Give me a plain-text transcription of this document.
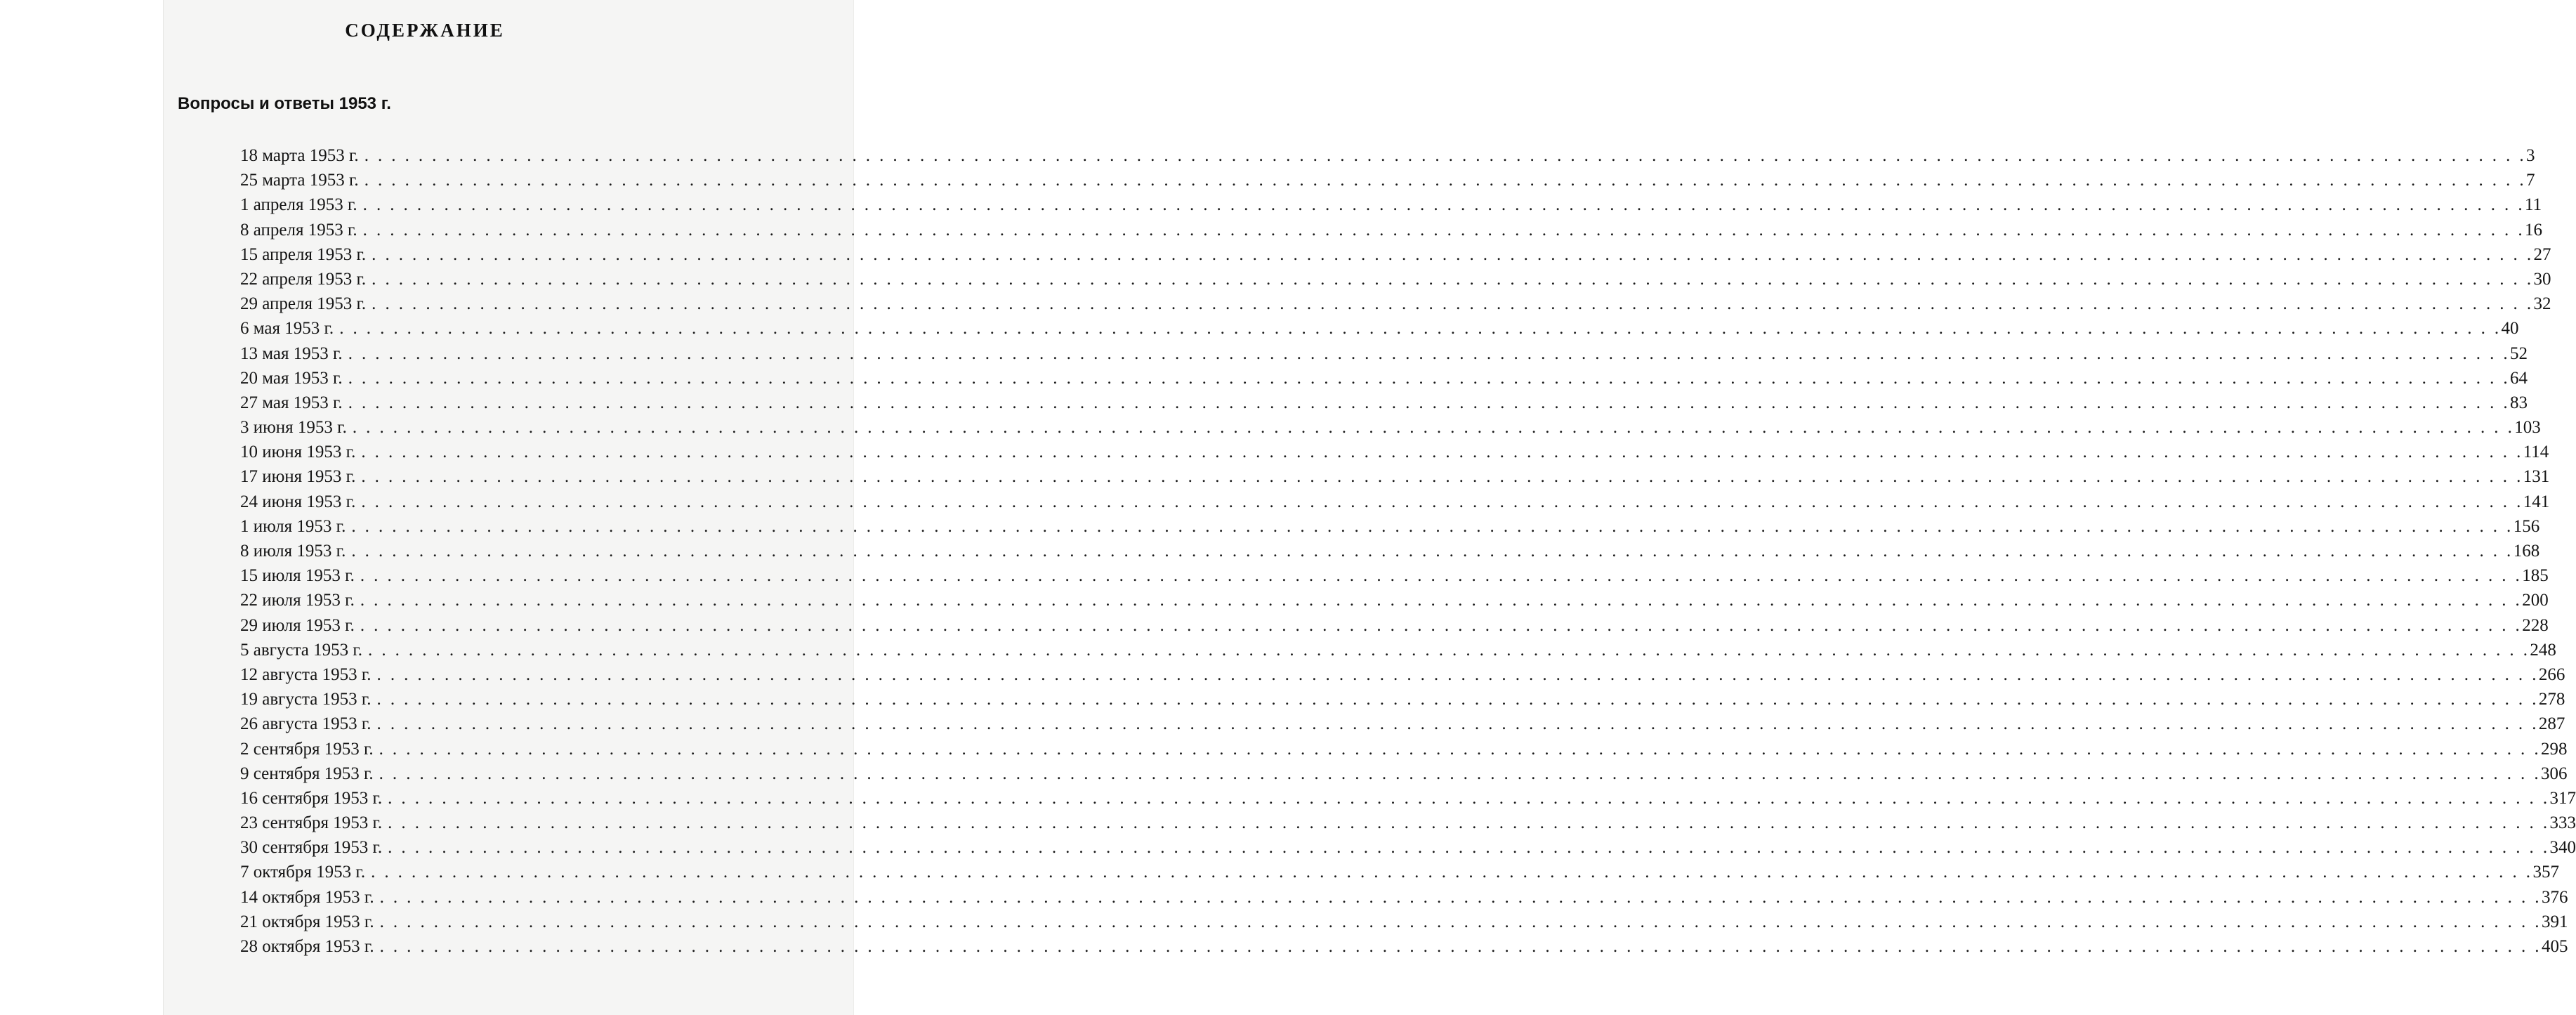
СОДЕРЖАНИЕ
Вопросы и ответы 1953 г.
18 марта 1953 г. . . . . . . . . . . . . . . . . . . . . . . . . . . . . . . . . . . . . . . . . . . . . . . . . . . . . . . . . . . . . . . . . . . . . . . . . . . . . . . . . . . . . . . . . . . . . . . . . . . . . . . . . . . . . . . . . . . . . . . . . . . . . . . . . . . . . . . . . . . . . . . . . . . . . . . . . . . . . . . . . 3
25 марта 1953 г. . . . . . . . . . . . . . . . . . . . . . . . . . . . . . . . . . . . . . . . . . . . . . . . . . . . . . . . . . . . . . . . . . . . . . . . . . . . . . . . . . . . . . . . . . . . . . . . . . . . . . . . . . . . . . . . . . . . . . . . . . . . . . . . . . . . . . . . . . . . . . . . . . . . . . . . . . . . . . . . . 7
1 апреля 1953 г. . . . . . . . . . . . . . . . . . . . . . . . . . . . . . . . . . . . . . . . . . . . . . . . . . . . . . . . . . . . . . . . . . . . . . . . . . . . . . . . . . . . . . . . . . . . . . . . . . . . . . . . . . . . . . . . . . . . . . . . . . . . . . . . . . . . . . . . . . . . . . . . . . . . . . . . . . . . . . . . . 11
8 апреля 1953 г. . . . . . . . . . . . . . . . . . . . . . . . . . . . . . . . . . . . . . . . . . . . . . . . . . . . . . . . . . . . . . . . . . . . . . . . . . . . . . . . . . . . . . . . . . . . . . . . . . . . . . . . . . . . . . . . . . . . . . . . . . . . . . . . . . . . . . . . . . . . . . . . . . . . . . . . . . . . . . . . . 16
15 апреля 1953 г. . . . . . . . . . . . . . . . . . . . . . . . . . . . . . . . . . . . . . . . . . . . . . . . . . . . . . . . . . . . . . . . . . . . . . . . . . . . . . . . . . . . . . . . . . . . . . . . . . . . . . . . . . . . . . . . . . . . . . . . . . . . . . . . . . . . . . . . . . . . . . . . . . . . . . . . . . . . . . . . . 27
22 апреля 1953 г. . . . . . . . . . . . . . . . . . . . . . . . . . . . . . . . . . . . . . . . . . . . . . . . . . . . . . . . . . . . . . . . . . . . . . . . . . . . . . . . . . . . . . . . . . . . . . . . . . . . . . . . . . . . . . . . . . . . . . . . . . . . . . . . . . . . . . . . . . . . . . . . . . . . . . . . . . . . . . . . . 30
29 апреля 1953 г. . . . . . . . . . . . . . . . . . . . . . . . . . . . . . . . . . . . . . . . . . . . . . . . . . . . . . . . . . . . . . . . . . . . . . . . . . . . . . . . . . . . . . . . . . . . . . . . . . . . . . . . . . . . . . . . . . . . . . . . . . . . . . . . . . . . . . . . . . . . . . . . . . . . . . . . . . . . . . . . . 32
6 мая 1953 г. . . . . . . . . . . . . . . . . . . . . . . . . . . . . . . . . . . . . . . . . . . . . . . . . . . . . . . . . . . . . . . . . . . . . . . . . . . . . . . . . . . . . . . . . . . . . . . . . . . . . . . . . . . . . . . . . . . . . . . . . . . . . . . . . . . . . . . . . . . . . . . . . . . . . . . . . . . . . . . . . 40
13 мая 1953 г. . . . . . . . . . . . . . . . . . . . . . . . . . . . . . . . . . . . . . . . . . . . . . . . . . . . . . . . . . . . . . . . . . . . . . . . . . . . . . . . . . . . . . . . . . . . . . . . . . . . . . . . . . . . . . . . . . . . . . . . . . . . . . . . . . . . . . . . . . . . . . . . . . . . . . . . . . . . . . . . . 52
20 мая 1953 г. . . . . . . . . . . . . . . . . . . . . . . . . . . . . . . . . . . . . . . . . . . . . . . . . . . . . . . . . . . . . . . . . . . . . . . . . . . . . . . . . . . . . . . . . . . . . . . . . . . . . . . . . . . . . . . . . . . . . . . . . . . . . . . . . . . . . . . . . . . . . . . . . . . . . . . . . . . . . . . . . 64
27 мая 1953 г. . . . . . . . . . . . . . . . . . . . . . . . . . . . . . . . . . . . . . . . . . . . . . . . . . . . . . . . . . . . . . . . . . . . . . . . . . . . . . . . . . . . . . . . . . . . . . . . . . . . . . . . . . . . . . . . . . . . . . . . . . . . . . . . . . . . . . . . . . . . . . . . . . . . . . . . . . . . . . . . . 83
3 июня 1953 г. . . . . . . . . . . . . . . . . . . . . . . . . . . . . . . . . . . . . . . . . . . . . . . . . . . . . . . . . . . . . . . . . . . . . . . . . . . . . . . . . . . . . . . . . . . . . . . . . . . . . . . . . . . . . . . . . . . . . . . . . . . . . . . . . . . . . . . . . . . . . . . . . . . . . . . . . . . . . . . . . 103
10 июня 1953 г. . . . . . . . . . . . . . . . . . . . . . . . . . . . . . . . . . . . . . . . . . . . . . . . . . . . . . . . . . . . . . . . . . . . . . . . . . . . . . . . . . . . . . . . . . . . . . . . . . . . . . . . . . . . . . . . . . . . . . . . . . . . . . . . . . . . . . . . . . . . . . . . . . . . . . . . . . . . . . . . . 114
17 июня 1953 г. . . . . . . . . . . . . . . . . . . . . . . . . . . . . . . . . . . . . . . . . . . . . . . . . . . . . . . . . . . . . . . . . . . . . . . . . . . . . . . . . . . . . . . . . . . . . . . . . . . . . . . . . . . . . . . . . . . . . . . . . . . . . . . . . . . . . . . . . . . . . . . . . . . . . . . . . . . . . . . . . 131
24 июня 1953 г. . . . . . . . . . . . . . . . . . . . . . . . . . . . . . . . . . . . . . . . . . . . . . . . . . . . . . . . . . . . . . . . . . . . . . . . . . . . . . . . . . . . . . . . . . . . . . . . . . . . . . . . . . . . . . . . . . . . . . . . . . . . . . . . . . . . . . . . . . . . . . . . . . . . . . . . . . . . . . . . . 141
1 июля 1953 г. . . . . . . . . . . . . . . . . . . . . . . . . . . . . . . . . . . . . . . . . . . . . . . . . . . . . . . . . . . . . . . . . . . . . . . . . . . . . . . . . . . . . . . . . . . . . . . . . . . . . . . . . . . . . . . . . . . . . . . . . . . . . . . . . . . . . . . . . . . . . . . . . . . . . . . . . . . . . . . . . 156
8 июля 1953 г. . . . . . . . . . . . . . . . . . . . . . . . . . . . . . . . . . . . . . . . . . . . . . . . . . . . . . . . . . . . . . . . . . . . . . . . . . . . . . . . . . . . . . . . . . . . . . . . . . . . . . . . . . . . . . . . . . . . . . . . . . . . . . . . . . . . . . . . . . . . . . . . . . . . . . . . . . . . . . . . . 168
15 июля 1953 г. . . . . . . . . . . . . . . . . . . . . . . . . . . . . . . . . . . . . . . . . . . . . . . . . . . . . . . . . . . . . . . . . . . . . . . . . . . . . . . . . . . . . . . . . . . . . . . . . . . . . . . . . . . . . . . . . . . . . . . . . . . . . . . . . . . . . . . . . . . . . . . . . . . . . . . . . . . . . . . . . 185
22 июля 1953 г. . . . . . . . . . . . . . . . . . . . . . . . . . . . . . . . . . . . . . . . . . . . . . . . . . . . . . . . . . . . . . . . . . . . . . . . . . . . . . . . . . . . . . . . . . . . . . . . . . . . . . . . . . . . . . . . . . . . . . . . . . . . . . . . . . . . . . . . . . . . . . . . . . . . . . . . . . . . . . . . . 200
29 июля 1953 г. . . . . . . . . . . . . . . . . . . . . . . . . . . . . . . . . . . . . . . . . . . . . . . . . . . . . . . . . . . . . . . . . . . . . . . . . . . . . . . . . . . . . . . . . . . . . . . . . . . . . . . . . . . . . . . . . . . . . . . . . . . . . . . . . . . . . . . . . . . . . . . . . . . . . . . . . . . . . . . . . 228
5 августа 1953 г. . . . . . . . . . . . . . . . . . . . . . . . . . . . . . . . . . . . . . . . . . . . . . . . . . . . . . . . . . . . . . . . . . . . . . . . . . . . . . . . . . . . . . . . . . . . . . . . . . . . . . . . . . . . . . . . . . . . . . . . . . . . . . . . . . . . . . . . . . . . . . . . . . . . . . . . . . . . . . . . . 248
12 августа 1953 г. . . . . . . . . . . . . . . . . . . . . . . . . . . . . . . . . . . . . . . . . . . . . . . . . . . . . . . . . . . . . . . . . . . . . . . . . . . . . . . . . . . . . . . . . . . . . . . . . . . . . . . . . . . . . . . . . . . . . . . . . . . . . . . . . . . . . . . . . . . . . . . . . . . . . . . . . . . . . . . . . 266
19 августа 1953 г. . . . . . . . . . . . . . . . . . . . . . . . . . . . . . . . . . . . . . . . . . . . . . . . . . . . . . . . . . . . . . . . . . . . . . . . . . . . . . . . . . . . . . . . . . . . . . . . . . . . . . . . . . . . . . . . . . . . . . . . . . . . . . . . . . . . . . . . . . . . . . . . . . . . . . . . . . . . . . . . . 278
26 августа 1953 г. . . . . . . . . . . . . . . . . . . . . . . . . . . . . . . . . . . . . . . . . . . . . . . . . . . . . . . . . . . . . . . . . . . . . . . . . . . . . . . . . . . . . . . . . . . . . . . . . . . . . . . . . . . . . . . . . . . . . . . . . . . . . . . . . . . . . . . . . . . . . . . . . . . . . . . . . . . . . . . . . 287
2 сентября 1953 г. . . . . . . . . . . . . . . . . . . . . . . . . . . . . . . . . . . . . . . . . . . . . . . . . . . . . . . . . . . . . . . . . . . . . . . . . . . . . . . . . . . . . . . . . . . . . . . . . . . . . . . . . . . . . . . . . . . . . . . . . . . . . . . . . . . . . . . . . . . . . . . . . . . . . . . . . . . . . . . . . 298
9 сентября 1953 г. . . . . . . . . . . . . . . . . . . . . . . . . . . . . . . . . . . . . . . . . . . . . . . . . . . . . . . . . . . . . . . . . . . . . . . . . . . . . . . . . . . . . . . . . . . . . . . . . . . . . . . . . . . . . . . . . . . . . . . . . . . . . . . . . . . . . . . . . . . . . . . . . . . . . . . . . . . . . . . . . 306
16 сентября 1953 г. . . . . . . . . . . . . . . . . . . . . . . . . . . . . . . . . . . . . . . . . . . . . . . . . . . . . . . . . . . . . . . . . . . . . . . . . . . . . . . . . . . . . . . . . . . . . . . . . . . . . . . . . . . . . . . . . . . . . . . . . . . . . . . . . . . . . . . . . . . . . . . . . . . . . . . . . . . . . . . . . 317
23 сентября 1953 г. . . . . . . . . . . . . . . . . . . . . . . . . . . . . . . . . . . . . . . . . . . . . . . . . . . . . . . . . . . . . . . . . . . . . . . . . . . . . . . . . . . . . . . . . . . . . . . . . . . . . . . . . . . . . . . . . . . . . . . . . . . . . . . . . . . . . . . . . . . . . . . . . . . . . . . . . . . . . . . . . 333
30 сентября 1953 г. . . . . . . . . . . . . . . . . . . . . . . . . . . . . . . . . . . . . . . . . . . . . . . . . . . . . . . . . . . . . . . . . . . . . . . . . . . . . . . . . . . . . . . . . . . . . . . . . . . . . . . . . . . . . . . . . . . . . . . . . . . . . . . . . . . . . . . . . . . . . . . . . . . . . . . . . . . . . . . . . 340
7 октября 1953 г. . . . . . . . . . . . . . . . . . . . . . . . . . . . . . . . . . . . . . . . . . . . . . . . . . . . . . . . . . . . . . . . . . . . . . . . . . . . . . . . . . . . . . . . . . . . . . . . . . . . . . . . . . . . . . . . . . . . . . . . . . . . . . . . . . . . . . . . . . . . . . . . . . . . . . . . . . . . . . . . . 357
14 октября 1953 г. . . . . . . . . . . . . . . . . . . . . . . . . . . . . . . . . . . . . . . . . . . . . . . . . . . . . . . . . . . . . . . . . . . . . . . . . . . . . . . . . . . . . . . . . . . . . . . . . . . . . . . . . . . . . . . . . . . . . . . . . . . . . . . . . . . . . . . . . . . . . . . . . . . . . . . . . . . . . . . . . 376
21 октября 1953 г. . . . . . . . . . . . . . . . . . . . . . . . . . . . . . . . . . . . . . . . . . . . . . . . . . . . . . . . . . . . . . . . . . . . . . . . . . . . . . . . . . . . . . . . . . . . . . . . . . . . . . . . . . . . . . . . . . . . . . . . . . . . . . . . . . . . . . . . . . . . . . . . . . . . . . . . . . . . . . . . . 391
28 октября 1953 г. . . . . . . . . . . . . . . . . . . . . . . . . . . . . . . . . . . . . . . . . . . . . . . . . . . . . . . . . . . . . . . . . . . . . . . . . . . . . . . . . . . . . . . . . . . . . . . . . . . . . . . . . . . . . . . . . . . . . . . . . . . . . . . . . . . . . . . . . . . . . . . . . . . . . . . . . . . . . . . . . 405
